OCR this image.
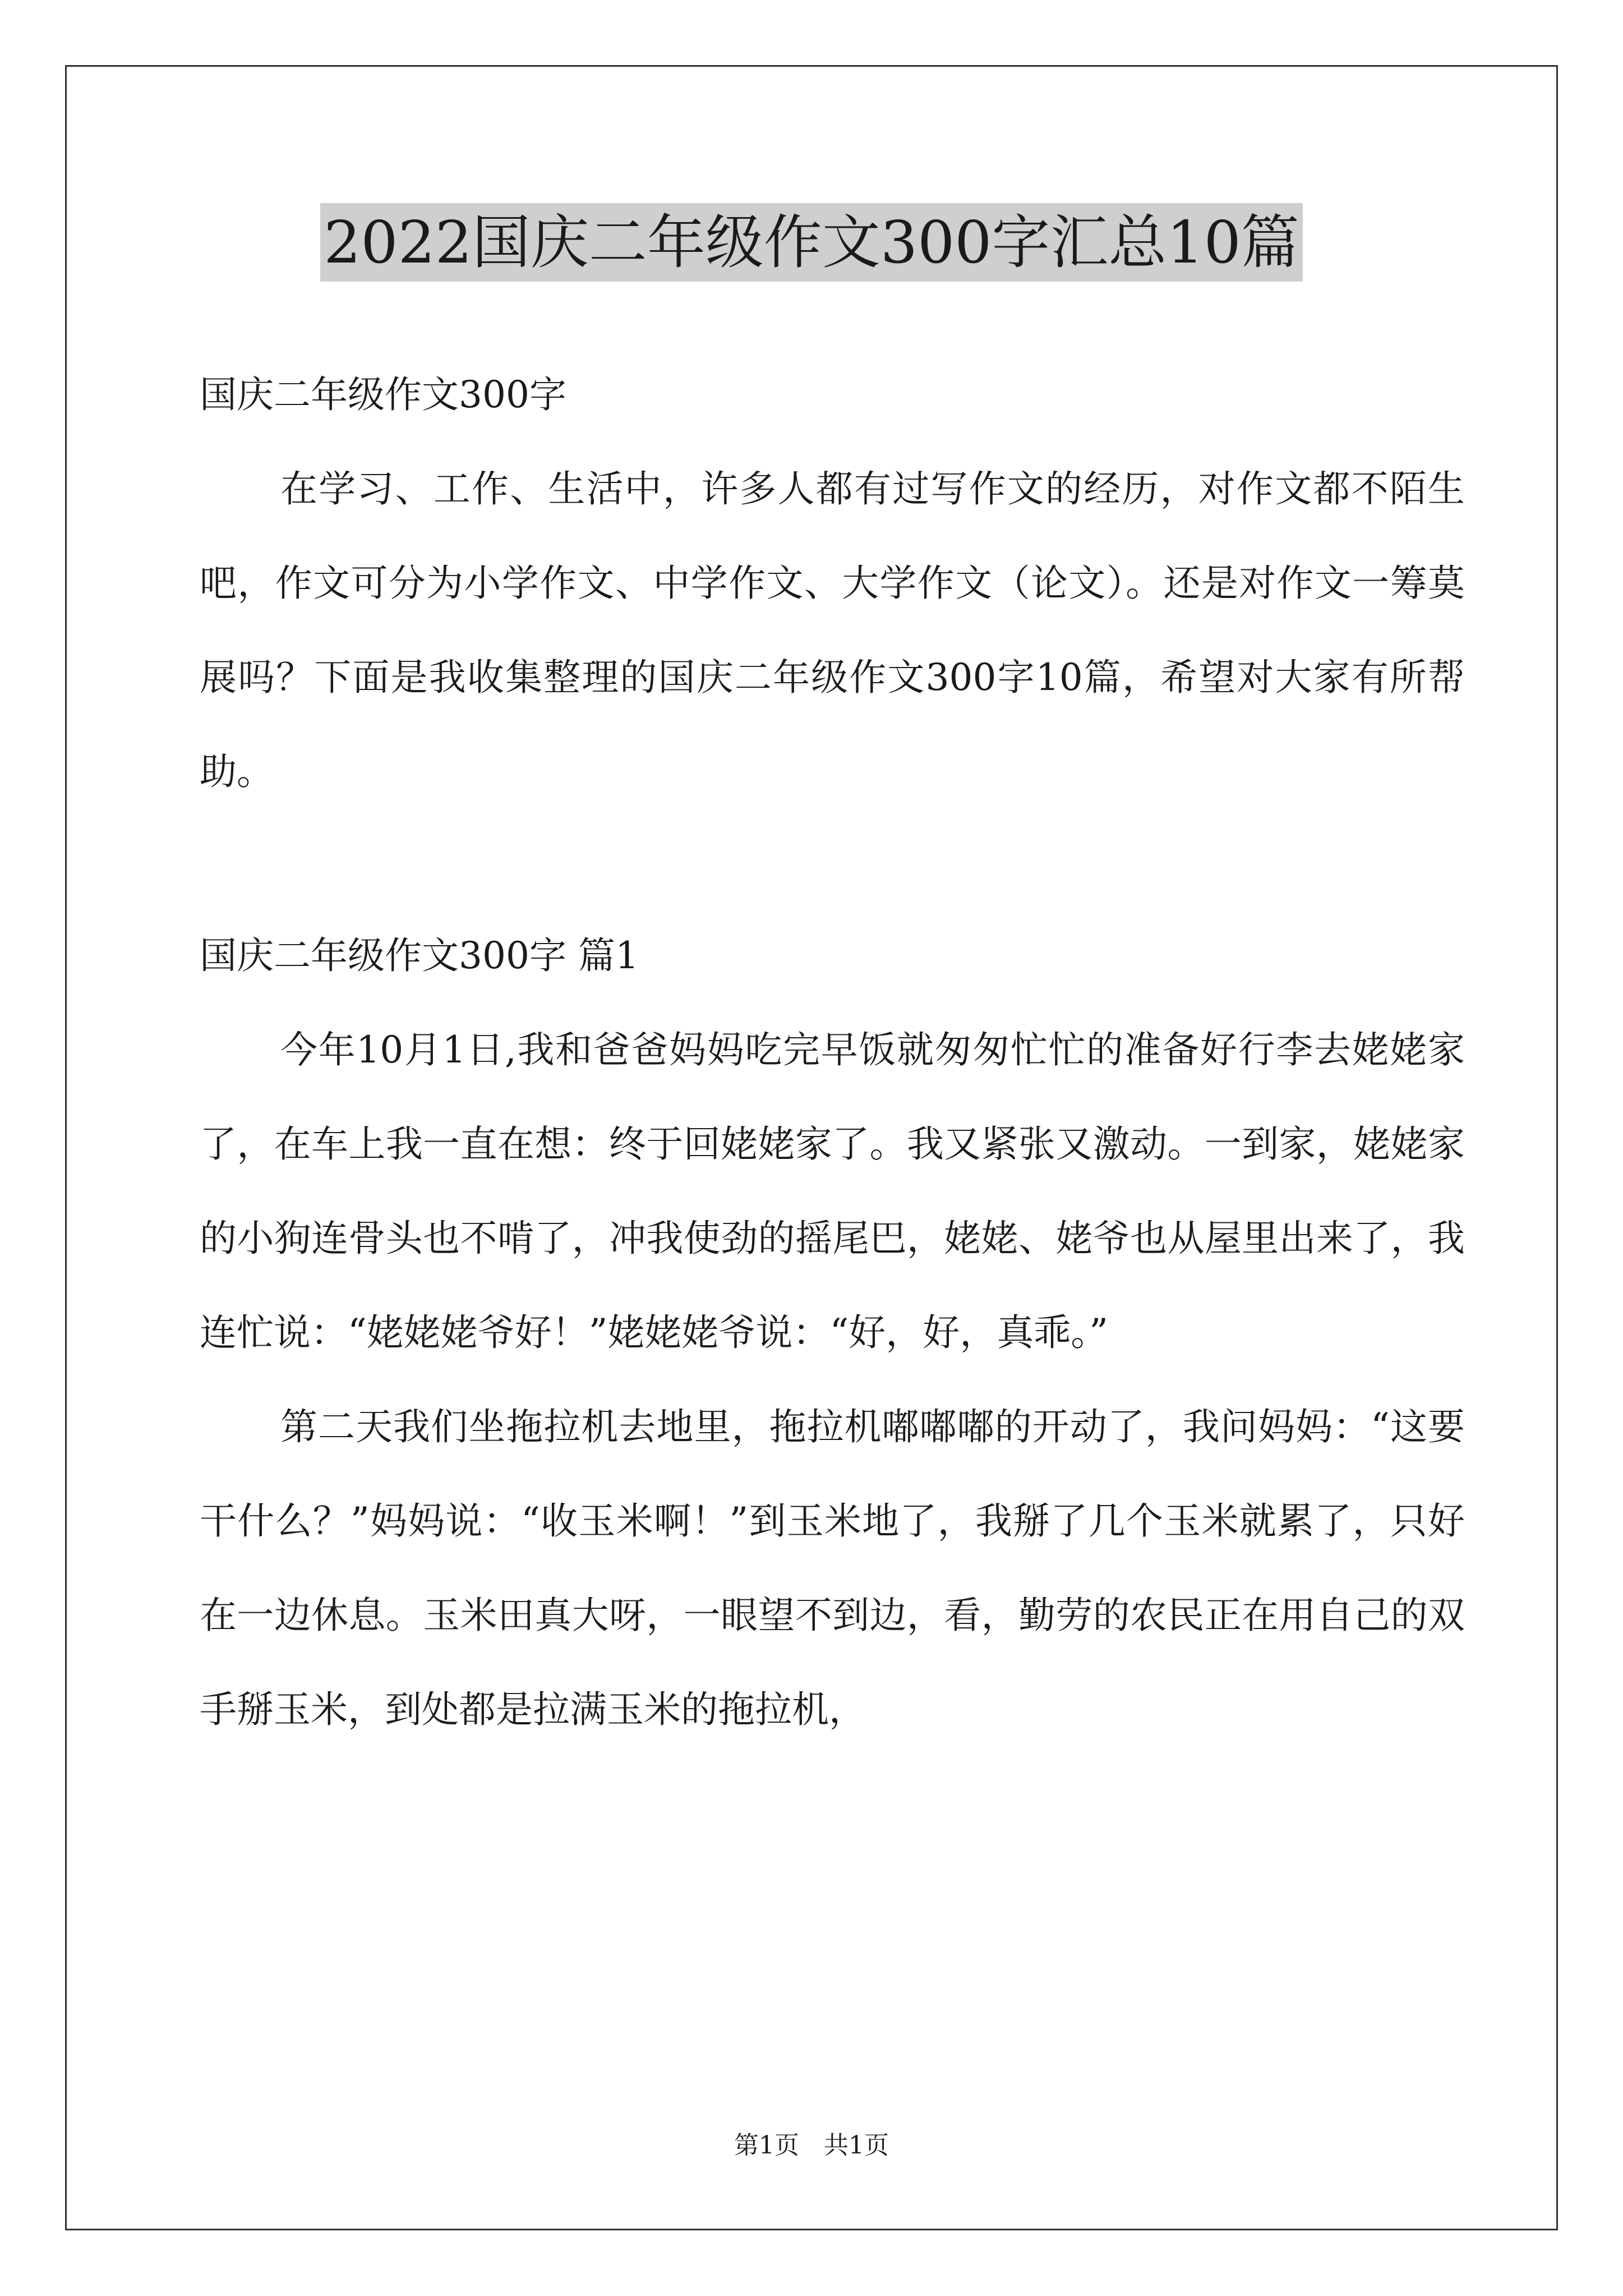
2022国庆二年级作文300字汇总10篇

国庆二年级作文300字

在学习、工作、生活中，许多人都有过写作文的经历，对作文都不陌生吧，作文可分为小学作文、中学作文、大学作文（论文）。还是对作文一筹莫展吗？下面是我收集整理的国庆二年级作文300字10篇，希望对大家有所帮助。

国庆二年级作文300字 篇1

今年10月1日,我和爸爸妈妈吃完早饭就匆匆忙忙的准备好行李去姥姥家了，在车上我一直在想：终于回姥姥家了。我又紧张又激动。一到家，姥姥家的小狗连骨头也不啃了，冲我使劲的摇尾巴，姥姥、姥爷也从屋里出来了，我连忙说：“姥姥姥爷好！”姥姥姥爷说：“好，好，真乖。”

第二天我们坐拖拉机去地里，拖拉机嘟嘟嘟的开动了，我问妈妈：“这要干什么？”妈妈说：“收玉米啊！”到玉米地了，我掰了几个玉米就累了，只好在一边休息。玉米田真大呀，一眼望不到边，看，勤劳的农民正在用自己的双手掰玉米，到处都是拉满玉米的拖拉机，

第1页　共1页
